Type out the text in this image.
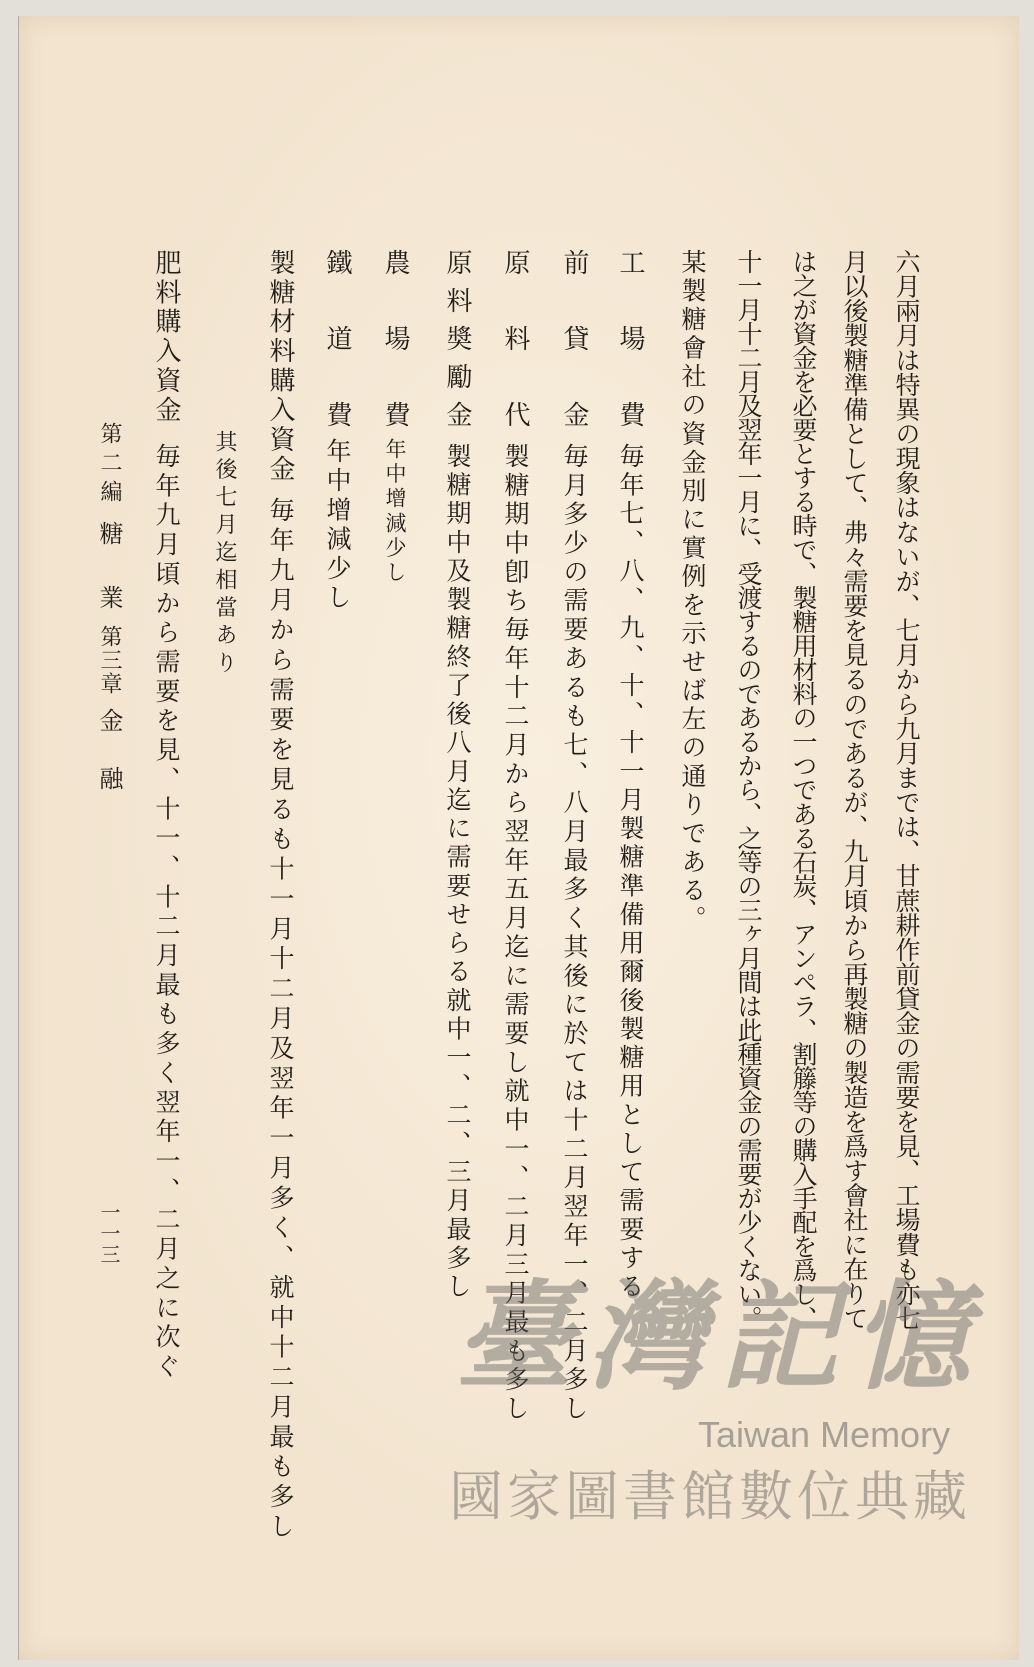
六月兩月は特異の現象はないが、七月から九月までは、甘蔗耕作前貸金の需要を見、工場費も亦七
月以後製糖準備として、弗々需要を見るのであるが、九月頃から再製糖の製造を爲す會社に在りて
は之が資金を必要とする時で、製糖用材料の一つである石炭、アンペラ、割籐等の購入手配を爲し、
十一月十二月及翌年一月に、受渡するのであるから、之等の三ヶ月間は此種資金の需要が少くない。
某製糖會社の資金別に實例を示せば左の通りである。
工場費
毎年七、八、九、十、十一月製糖準備用爾後製糖用として需要する
前貸金
毎月多少の需要あるも七、八月最多く其後に於ては十二月翌年一、二月多し
原料代
製糖期中卽ち毎年十二月から翌年五月迄に需要し就中一、二月三月最も多し
原料奬勵金
製糖期中及製糖終了後八月迄に需要せらる就中一、二、三月最多し
農場費
年中增減少し
鐵道費
年中增減少し
製糖材料購入資金
毎年九月から需要を見るも十一月十二月及翌年一月多く、就中十二月最も多し
其後七月迄相當あり
肥料購入資金
毎年九月頃から需要を見、十一、十二月最も多く翌年一、二月之に次ぐ
第二編
糖業
第三章
金融
一一三
臺灣記憶
Taiwan Memory
國家圖書館數位典藏
